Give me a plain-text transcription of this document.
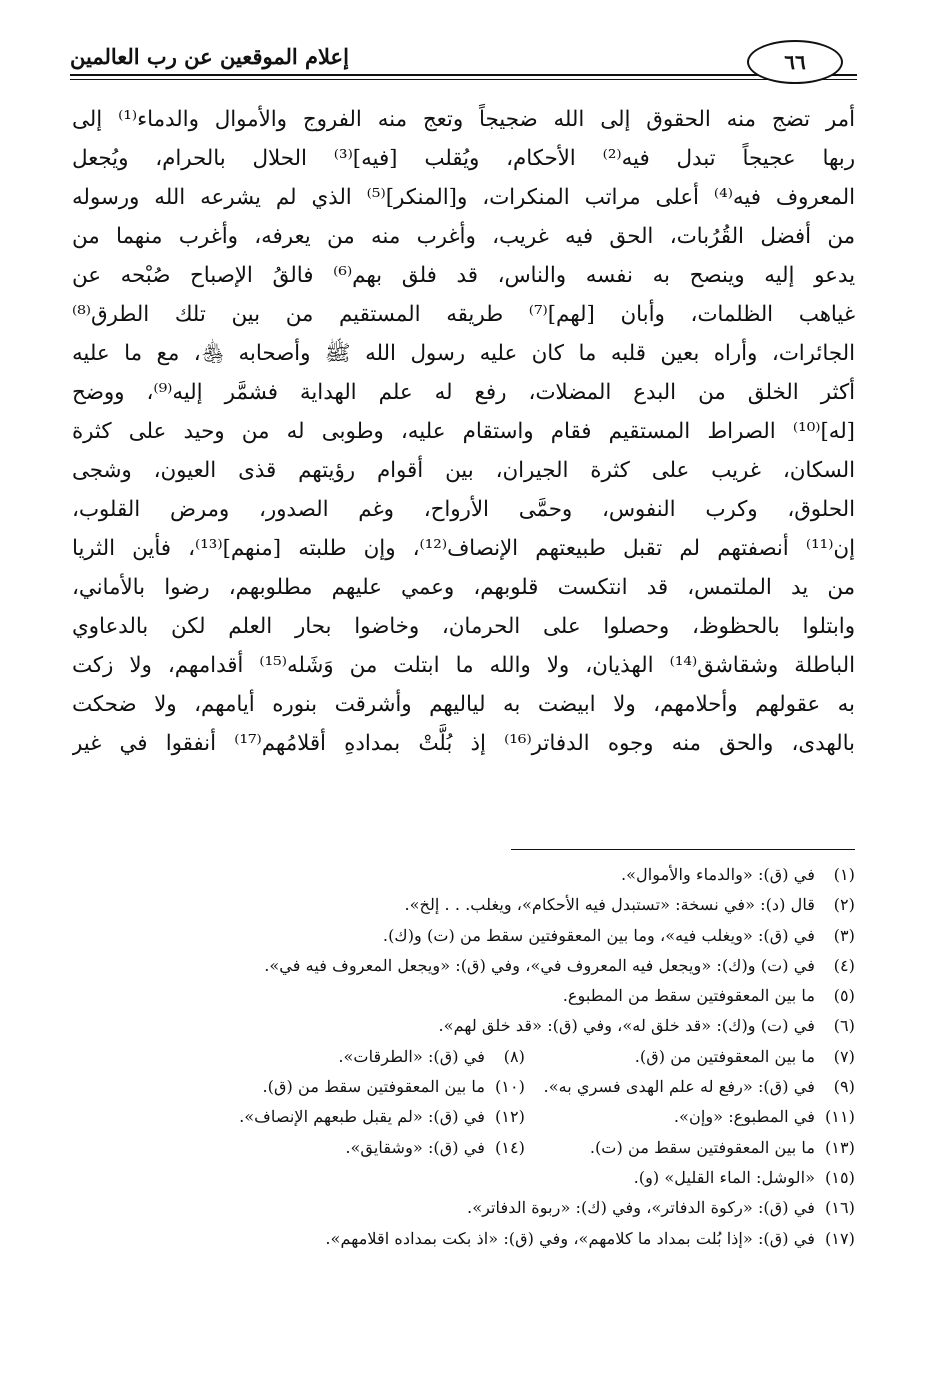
٦٦
إعلام الموقعين عن رب العالمين
أمر تضج منه الحقوق إلى الله ضجيجاً وتعج منه الفروج والأموال والدماء⁽¹⁾ إلى
ربها عجيجاً تبدل فيه⁽²⁾ الأحكام، ويُقلب [فيه]⁽³⁾ الحلال بالحرام، ويُجعل
المعروف فيه⁽⁴⁾ أعلى مراتب المنكرات، و[المنكر]⁽⁵⁾ الذي لم يشرعه الله ورسوله
من أفضل القُرُبات، الحق فيه غريب، وأغرب منه من يعرفه، وأغرب منهما من
يدعو إليه وينصح به نفسه والناس، قد فلق بهم⁽⁶⁾ فالقُ الإصباح صُبْحه عن
غياهب الظلمات، وأبان [لهم]⁽⁷⁾ طريقه المستقيم من بين تلك الطرق⁽⁸⁾
الجائرات، وأراه بعين قلبه ما كان عليه رسول الله ﷺ وأصحابه ﵃، مع ما عليه
أكثر الخلق من البدع المضلات، رفع له علم الهداية فشمَّر إليه⁽⁹⁾، ووضح
[له]⁽¹⁰⁾ الصراط المستقيم فقام واستقام عليه، وطوبى له من وحيد على كثرة
السكان، غريب على كثرة الجيران، بين أقوام رؤيتهم قذى العيون، وشجى
الحلوق، وكرب النفوس، وحمَّى الأرواح، وغم الصدور، ومرض القلوب،
إن⁽¹¹⁾ أنصفتهم لم تقبل طبيعتهم الإنصاف⁽¹²⁾، وإن طلبته [منهم]⁽¹³⁾، فأين الثريا
من يد الملتمس، قد انتكست قلوبهم، وعمي عليهم مطلوبهم، رضوا بالأماني،
وابتلوا بالحظوظ، وحصلوا على الحرمان، وخاضوا بحار العلم لكن بالدعاوي
الباطلة وشقاشق⁽¹⁴⁾ الهذيان، ولا والله ما ابتلت من وَشَله⁽¹⁵⁾ أقدامهم، ولا زكت
به عقولهم وأحلامهم، ولا ابيضت به لياليهم وأشرقت بنوره أيامهم، ولا ضحكت
بالهدى، والحق منه وجوه الدفاتر⁽¹⁶⁾ إذ بُلَّتْ بمدادهِ أقلامُهم⁽¹⁷⁾ أنفقوا في غير
(١)في (ق): «والدماء والأموال».
(٢)قال (د): «في نسخة: «تستبدل فيه الأحكام»، ويغلب. . . إلخ».
(٣)في (ق): «ويغلب فيه»، وما بين المعقوفتين سقط من (ت) و(ك).
(٤)في (ت) و(ك): «ويجعل فيه المعروف في»، وفي (ق): «ويجعل المعروف فيه في».
(٥)ما بين المعقوفتين سقط من المطبوع.
(٦)في (ت) و(ك): «قد خلق له»، وفي (ق): «قد خلق لهم».
(٧)ما بين المعقوفتين من (ق).
(٨)في (ق): «الطرقات».
(٩)في (ق): «رفع له علم الهدى فسري به».
(١٠)ما بين المعقوفتين سقط من (ق).
(١١)في المطبوع: «وإن».
(١٢)في (ق): «لم يقبل طبعهم الإنصاف».
(١٣)ما بين المعقوفتين سقط من (ت).
(١٤)في (ق): «وشقايق».
(١٥)«الوشل: الماء القليل» (و).
(١٦)في (ق): «ركوة الدفاتر»، وفي (ك): «ربوة الدفاتر».
(١٧)في (ق): «إذا بُلت بمداد ما كلامهم»، وفي (ق): «اذ بكت بمداده اقلامهم».
